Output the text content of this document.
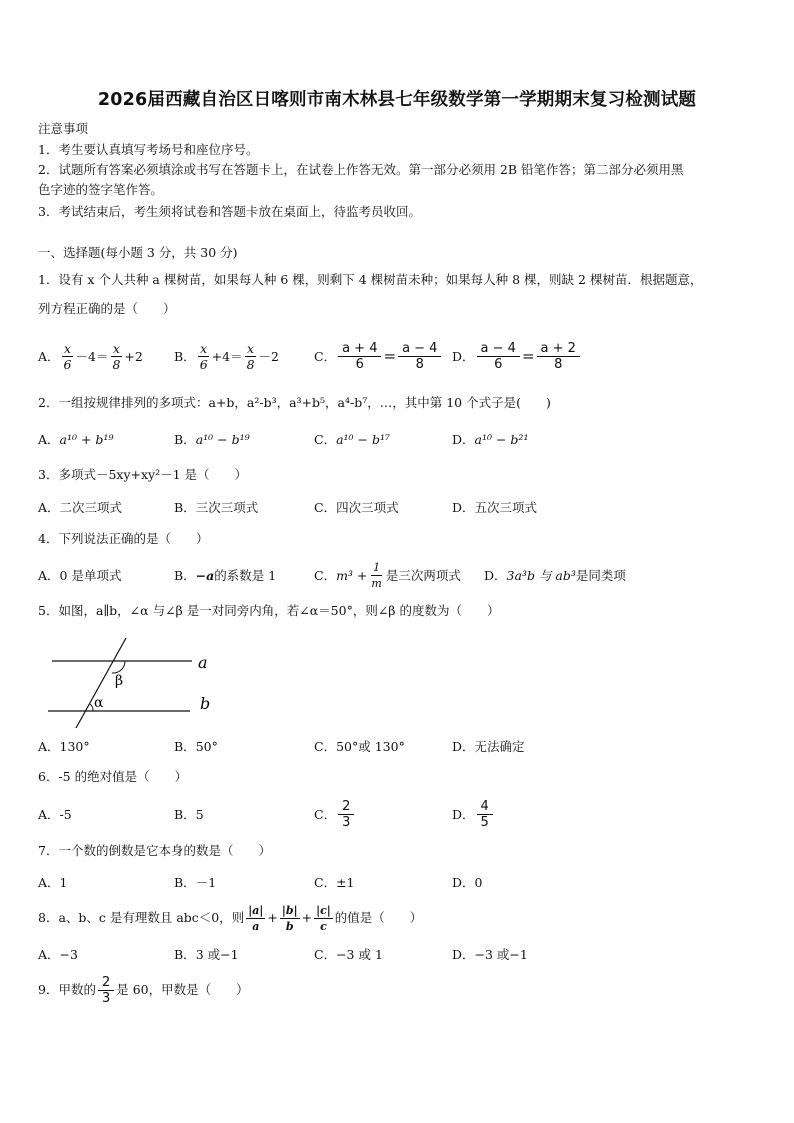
2026届西藏自治区日喀则市南木林县七年级数学第一学期期末复习检测试题
注意事项
1．考生要认真填写考场号和座位序号。
2．试题所有答案必须填涂或书写在答题卡上，在试卷上作答无效。第一部分必须用 2B 铅笔作答；第二部分必须用黑
色字迹的签字笔作答。
3．考试结束后，考生须将试卷和答题卡放在桌面上，待监考员收回。
一、选择题(每小题 3 分，共 30 分)
1．设有 x 个人共种 a 棵树苗，如果每人种 6 棵，则剩下 4 棵树苗未种；如果每人种 8 棵，则缺 2 棵树苗．根据题意，
列方程正确的是（　　）
A． $\frac{x}{6} -4= \frac{x}{8} +2$ B． $\frac{x}{6} +4= \frac{x}{8} -2$	C． $\frac{a + 4}{6} = \frac{a - 4}{8}$ D． $\frac{a - 4}{6} = \frac{a + 2}{8}$
2．一组按规律排列的多项式：a+b，a²-b³，a³+b⁵，a⁴-b⁷，…，其中第 10 个式子是(　　)
A． a¹⁰ + b¹⁹	B． a¹⁰ − b¹⁹	C． a¹⁰ − b¹⁷	D． a¹⁰ − b²¹
3．多项式－5xy+xy²－1 是（　　）
A． 二次三项式	B． 三次三项式	C． 四次三项式	D． 五次三项式
4．下列说法正确的是（　　）
A． 0 是单项式	B． −a 的系数是 1	C． $m^3 + \frac{1}{m}$ 是三次两项式 D． 3a³b 与 ab³ 是同类项
5．如图，a∥b，∠α 与∠β 是一对同旁内角，若∠α＝50°，则∠β 的度数为（　　）
a
b
β
α
A． 130°	B． 50°	C． 50°或 130°	D． 无法确定
6．-5 的绝对值是（　　）
A． -5	B． 5	C． $\frac{2}{3}$	D． $\frac{4}{5}$
7．一个数的倒数是它本身的数是（　　）
A． 1	B． －1	C． ±1	D． 0
8．a、b、c 是有理数且 abc＜0，则 $\frac{|a|}{a} + \frac{|b|}{b} + \frac{|c|}{c}$ 的值是（　　）
A． −3	B． 3 或−1	C． −3 或 1	D． −3 或−1
9．甲数的 $\frac{2}{3}$ 是 60，甲数是（　　）
